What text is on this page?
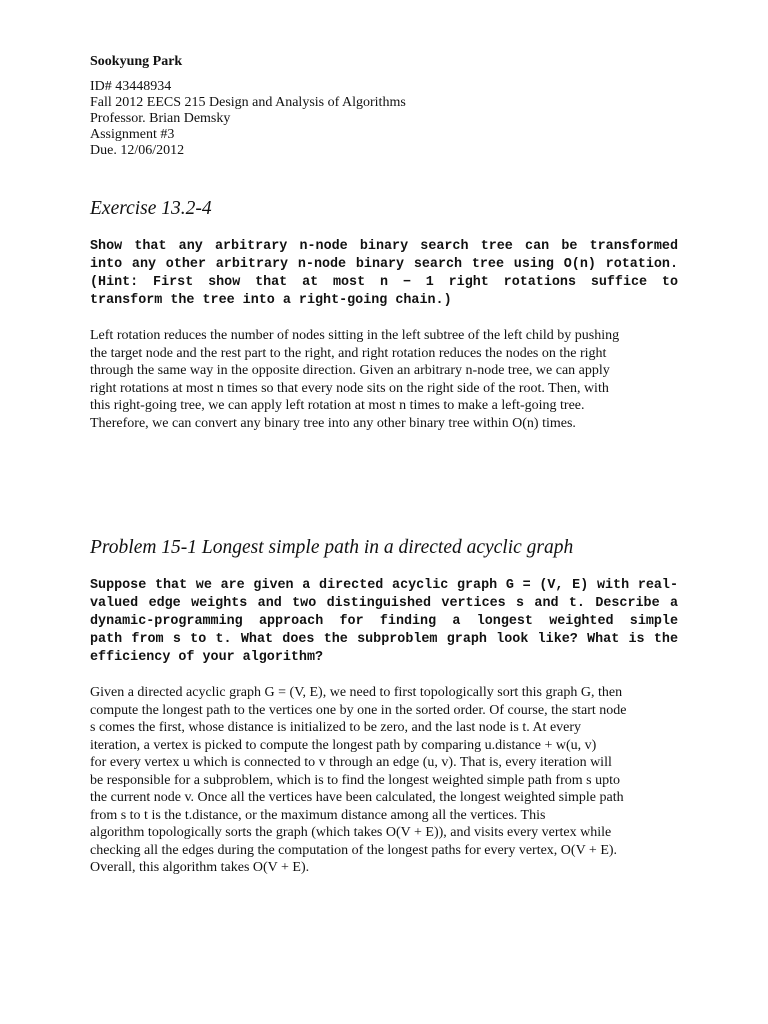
Sookyung Park
ID# 43448934
Fall 2012 EECS 215 Design and Analysis of Algorithms
Professor. Brian Demsky
Assignment #3
Due. 12/06/2012
Exercise 13.2-4
Show that any arbitrary n-node binary search tree can be transformed
into any other arbitrary n-node binary search tree using O(n) rotation.
(Hint: First show that at most n − 1 right rotations suffice to
transform the tree into a right-going chain.)
Left rotation reduces the number of nodes sitting in the left subtree of the left child by pushing
the target node and the rest part to the right, and right rotation reduces the nodes on the right
through the same way in the opposite direction. Given an arbitrary n-node tree, we can apply
right rotations at most n times so that every node sits on the right side of the root. Then, with
this right-going tree, we can apply left rotation at most n times to make a left-going tree.
Therefore, we can convert any binary tree into any other binary tree within O(n) times.
Problem 15-1 Longest simple path in a directed acyclic graph
Suppose that we are given a directed acyclic graph G = (V, E) with real-
valued edge weights and two distinguished vertices s and t. Describe a
dynamic-programming approach for finding a longest weighted simple
path from s to t. What does the subproblem graph look like? What is the
efficiency of your algorithm?
Given a directed acyclic graph G = (V, E), we need to first topologically sort this graph G, then
compute the longest path to the vertices one by one in the sorted order. Of course, the start node
s comes the first, whose distance is initialized to be zero, and the last node is t. At every
iteration, a vertex is picked to compute the longest path by comparing u.distance + w(u, v)
for every vertex u which is connected to v through an edge (u, v). That is, every iteration will
be responsible for a subproblem, which is to find the longest weighted simple path from s upto
the current node v. Once all the vertices have been calculated, the longest weighted simple path
from s to t is the t.distance, or the maximum distance among all the vertices. This
algorithm topologically sorts the graph (which takes O(V + E)), and visits every vertex while
checking all the edges during the computation of the longest paths for every vertex, O(V + E).
Overall, this algorithm takes O(V + E).
